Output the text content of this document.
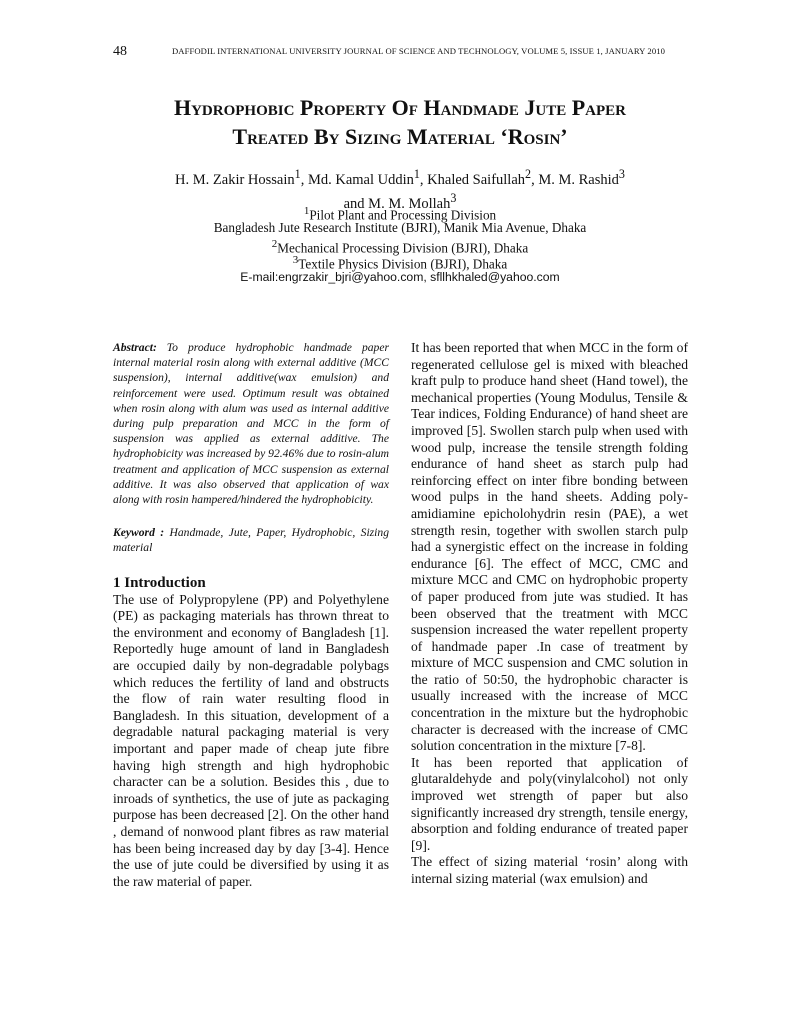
48	DAFFODIL INTERNATIONAL UNIVERSITY JOURNAL OF SCIENCE AND TECHNOLOGY, VOLUME 5, ISSUE 1, JANUARY 2010
Hydrophobic Property Of Handmade Jute Paper
Treated By Sizing Material ‘Rosin’
H. M. Zakir Hossain$^1$, Md. Kamal Uddin$^1$, Khaled Saifullah$^2$, M. M. Rashid$^3$
and M. M. Mollah$^3$
$^1$Pilot Plant and Processing Division
Bangladesh Jute Research Institute (BJRI), Manik Mia Avenue, Dhaka
$^2$Mechanical Processing Division (BJRI), Dhaka
$^3$Textile Physics Division (BJRI), Dhaka
E-mail:engrzakir_bjri@yahoo.com, sfllhkhaled@yahoo.com

Abstract: To produce hydrophobic handmade paper internal material rosin along with external additive (MCC suspension), internal additive(wax emulsion) and reinforcement were used. Optimum result was obtained when rosin along with alum was used as internal additive during pulp preparation and MCC in the form of suspension was applied as external additive. The hydrophobicity was increased by 92.46% due to rosin-alum treatment and application of MCC suspension as external additive. It was also observed that application of wax along with rosin hampered/hindered the hydrophobicity.

Keyword : Handmade, Jute, Paper, Hydrophobic, Sizing material
1 Introduction

The use of Polypropylene (PP) and Polyethylene (PE) as packaging materials has thrown threat to the environment and economy of Bangladesh [1]. Reportedly huge amount of land in Bangladesh are occupied daily by non-degradable polybags which reduces the fertility of land and obstructs the flow of rain water resulting flood in Bangladesh. In this situation, development of a degradable natural packaging material is very important and paper made of cheap jute fibre having high strength and high hydrophobic character can be a solution. Besides this , due to inroads of synthetics, the use of jute as packaging purpose has been decreased [2]. On the other hand , demand of nonwood plant fibres as raw material has been being increased day by day [3-4]. Hence the use of jute could be diversified by using it as the raw material of paper.

It has been reported that when MCC in the form of regenerated cellulose gel is mixed with bleached kraft pulp to produce hand sheet (Hand towel), the mechanical properties (Young Modulus, Tensile & Tear indices, Folding Endurance) of hand sheet are improved [5]. Swollen starch pulp when used with wood pulp, increase the tensile strength folding endurance of hand sheet as starch pulp had reinforcing effect on inter fibre bonding between wood pulps in the hand sheets. Adding poly-amidiamine epicholohydrin resin (PAE), a wet strength resin, together with swollen starch pulp had a synergistic effect on the increase in folding endurance [6]. The effect of MCC, CMC and mixture MCC and CMC on hydrophobic property of paper produced from jute was studied. It has been observed that the treatment with MCC suspension increased the water repellent property of handmade paper .In case of treatment by mixture of MCC suspension and CMC solution in the ratio of 50:50, the hydrophobic character is usually increased with the increase of MCC concentration in the mixture but the hydrophobic character is decreased with the increase of CMC solution concentration in the mixture [7-8].

It has been reported that application of glutaraldehyde and poly(vinylalcohol) not only improved wet strength of paper but also significantly increased dry strength, tensile energy, absorption and folding endurance of treated paper [9].

The effect of sizing material ‘rosin’ along with internal sizing material (wax emulsion) and
